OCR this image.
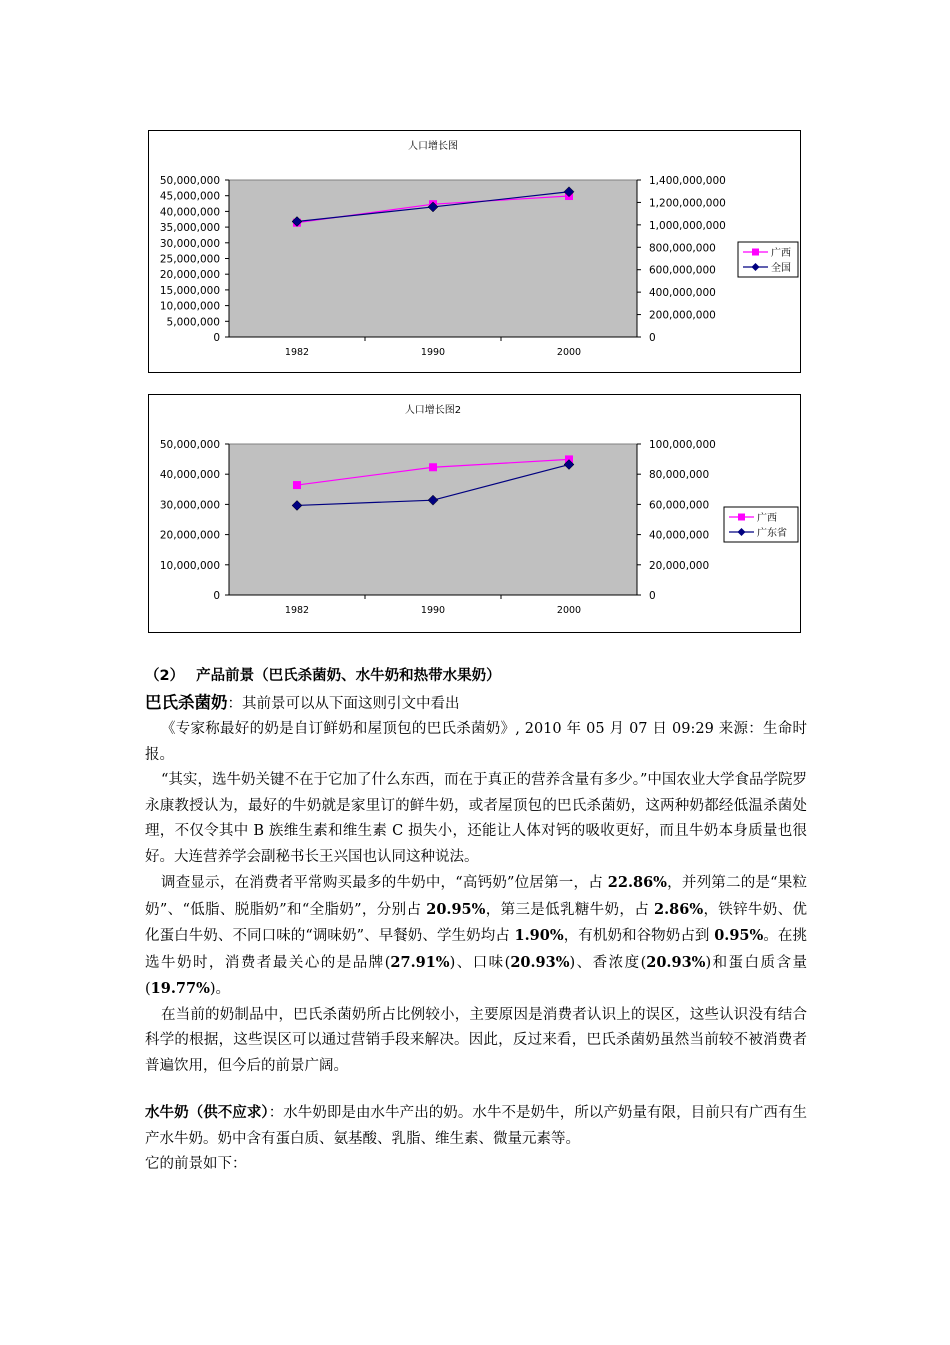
人口增长图
50,000,000
45,000,000
40,000,000
35,000,000
30,000,000
25,000,000
20,000,000
15,000,000
10,000,000
5,000,000
0
1,400,000,000
1,200,000,000
1,000,000,000
800,000,000
600,000,000
400,000,000
200,000,000
0
1982	1990	2000
广西
全国
人口增长图2
50,000,000
40,000,000
30,000,000
20,000,000
10,000,000
0
100,000,000
80,000,000
60,000,000
40,000,000
20,000,000
0
1982	1990	2000
广西
广东省

（2） 产品前景（巴氏杀菌奶、水牛奶和热带水果奶）

巴氏杀菌奶：其前景可以从下面这则引文中看出

《专家称最好的奶是自订鲜奶和屋顶包的巴氏杀菌奶》, 2010 年 05 月 07 日 09:29 来源：生命时报。

“其实，选牛奶关键不在于它加了什么东西，而在于真正的营养含量有多少。”中国农业大学食品学院罗永康教授认为，最好的牛奶就是家里订的鲜牛奶，或者屋顶包的巴氏杀菌奶，这两种奶都经低温杀菌处理，不仅令其中 B 族维生素和维生素 C 损失小，还能让人体对钙的吸收更好，而且牛奶本身质量也很好。大连营养学会副秘书长王兴国也认同这种说法。

调查显示，在消费者平常购买最多的牛奶中，“高钙奶”位居第一，占 22.86%，并列第二的是“果粒奶”、“低脂、脱脂奶”和“全脂奶”，分别占 20.95%，第三是低乳糖牛奶，占 2.86%，铁锌牛奶、优化蛋白牛奶、不同口味的“调味奶”、早餐奶、学生奶均占 1.90%，有机奶和谷物奶占到 0.95%。在挑选牛奶时，消费者最关心的是品牌(27.91%)、口味(20.93%)、香浓度(20.93%)和蛋白质含量(19.77%)。

在当前的奶制品中，巴氏杀菌奶所占比例较小，主要原因是消费者认识上的误区，这些认识没有结合科学的根据，这些误区可以通过营销手段来解决。因此，反过来看，巴氏杀菌奶虽然当前较不被消费者普遍饮用，但今后的前景广阔。

水牛奶（供不应求）：水牛奶即是由水牛产出的奶。水牛不是奶牛，所以产奶量有限，目前只有广西有生产水牛奶。奶中含有蛋白质、氨基酸、乳脂、维生素、微量元素等。

它的前景如下：
